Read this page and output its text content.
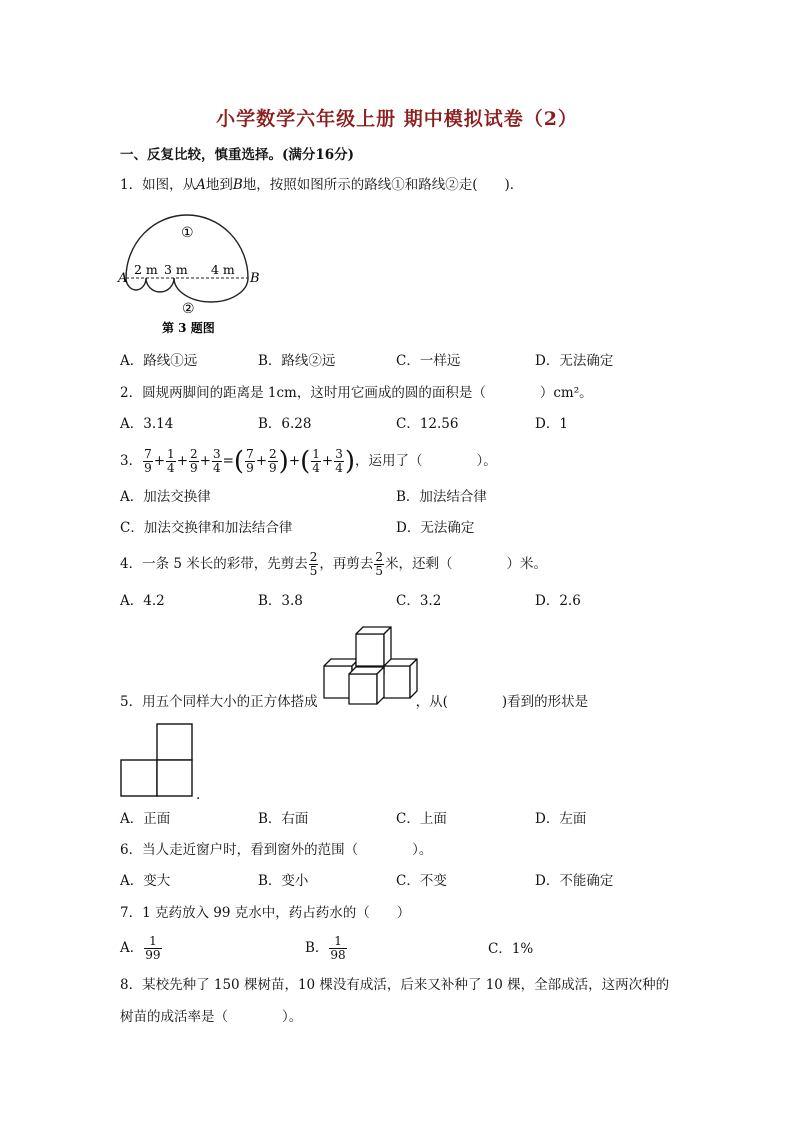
小学数学六年级上册 期中模拟试卷（2）
一、反复比较，慎重选择。(满分16分)
1．如图，从A地到B地，按照如图所示的路线①和路线②走(　　)．
①
②
A	B
2 m 3 m 4 m
第 3 题图
A．路线①远	B．路线②远	C．一样远	D．无法确定
2．圆规两脚间的距离是 1cm，这时用它画成的圆的面积是（　　　　）cm²。
A．3.14	B．6.28	C．12.56	D．1
3． $\frac{7}{9} + \frac{1}{4} + \frac{2}{9} + \frac{3}{4}$ =( $\frac{7}{9} + \frac{2}{9}$ )+( $\frac{1}{4} + \frac{3}{4}$ )，运用了（　　　　）。
A．加法交换律	B．加法结合律
C．加法交换律和加法结合律	D．无法确定
4．一条 5 米长的彩带，先剪去 $\frac{2}{5}$ ，再剪去 $\frac{2}{5}$ 米，还剩（　　　　）米。
A．4.2	B．3.8	C．3.2	D．2.6
5．用五个同样大小的正方体搭成	，从(　　　　)看到的形状是
.
A．正面	B．右面	C．上面	D．左面
6．当人走近窗户时，看到窗外的范围（　　　　）。
A．变大	B．变小	C．不变	D．不能确定
7．1 克药放入 99 克水中，药占药水的（　　）
A． $\frac{1}{99}$	B． $\frac{1}{98}$	C．1%
8．某校先种了 150 棵树苗，10 棵没有成活，后来又补种了 10 棵，全部成活，这两次种的
树苗的成活率是（　　　　）。
